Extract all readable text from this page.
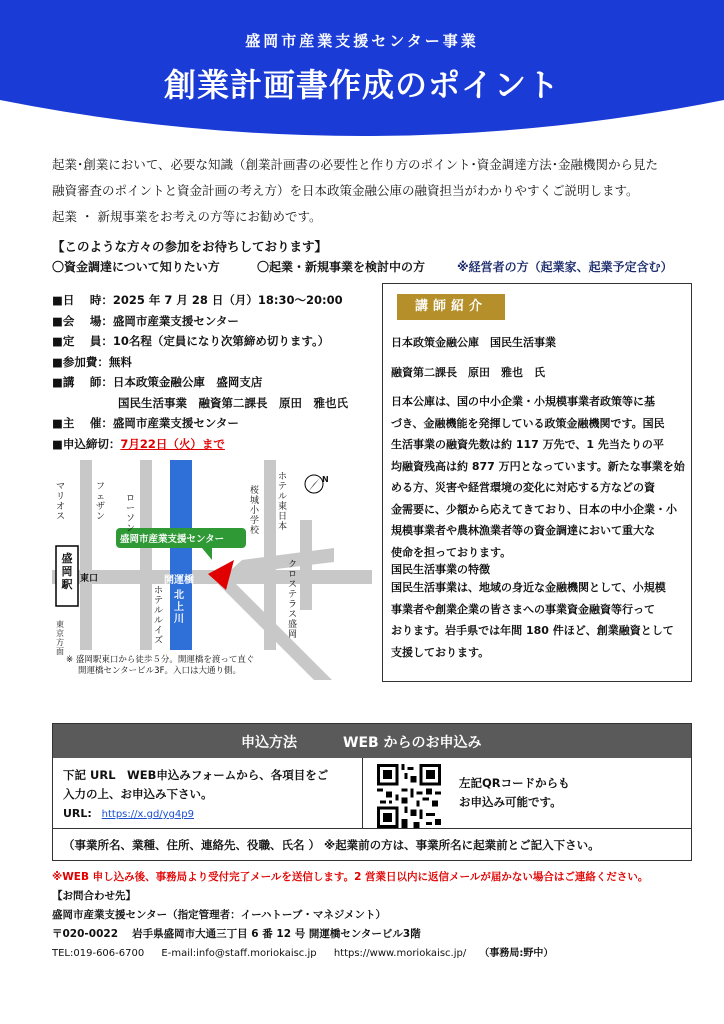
盛岡市産業支援センター事業
創業計画書作成のポイント

起業･創業において、必要な知識（創業計画書の必要性と作り方のポイント･資金調達方法･金融機関から見た

融資審査のポイントと資金計画の考え方）を日本政策金融公庫の融資担当がわかりやすくご説明します。

起業 ・ 新規事業をお考えの方等にお勧めです。

【このような方々の参加をお待ちしております】
〇資金調達について知りたい方	〇起業・新規事業を検討中の方	※経営者の方（起業家、起業予定含む）
■日　 時：2025 年 7 月 28 日（月）18:30〜20:00
■会　 場：盛岡市産業支援センター
■定　 員：10名程（定員になり次第締め切ります。）
■参加費：無料
■講　 師：日本政策金融公庫　盛岡支店
国民生活事業　融資第二課長　原田　雅也氏
■主　 催：盛岡市産業支援センター
■申込締切：7月22日（火）まで
盛岡市産業支援センター
盛岡駅 東口	開運橋
北上川
マリオス
フェザン
ローソン
ホテルルイズ
ホテル東日本
桜城小学校
クロステラス盛岡
東京方面
N
※ 盛岡駅東口から徒歩５分。開運橋を渡って直ぐ
開運橋センタービル3F。入口は大通り側。
講師紹介
日本政策金融公庫　国民生活事業
融資第二課長　原田　雅也　氏

日本公庫は、国の中小企業・小規模事業者政策等に基

づき、金融機能を発揮している政策金融機関です。国民

生活事業の融資先数は約 117 万先で、1 先当たりの平

均融資残高は約 877 万円となっています。新たな事業を始

める方、災害や経営環境の変化に対応する方などの資

金需要に、少額から応えてきており、日本の中小企業・小

規模事業者や農林漁業者等の資金調達において重大な

使命を担っております。

国民生活事業の特徴

国民生活事業は、地域の身近な金融機関として、小規模

事業者や創業企業の皆さまへの事業資金融資等行って

おります。岩手県では年間 180 件ほど、創業融資として

支援しております。

申込方法	WEB からのお申込み
下記 URL　WEB申込みフォームから、各項目をご
入力の上、お申込み下さい。
URL: https://x.gd/yg4p9
左記QRコードからも
お申込み可能です。
（事業所名、業種、住所、連絡先、役職、氏名 ） ※起業前の方は、事業所名に起業前とご記入下さい。
※WEB 申し込み後、事務局より受付完了メールを送信します。2 営業日以内に返信メールが届かない場合はご連絡ください。
【お問合わせ先】
盛岡市産業支援センター（指定管理者：イーハトーブ・マネジメント）
〒020-0022　 岩手県盛岡市大通三丁目 6 番 12 号 開運橋センタービル3階
TEL:019-606-6700 E-mail:info@staff.moriokaisc.jp https://www.moriokaisc.jp/ （事務局:野中）
